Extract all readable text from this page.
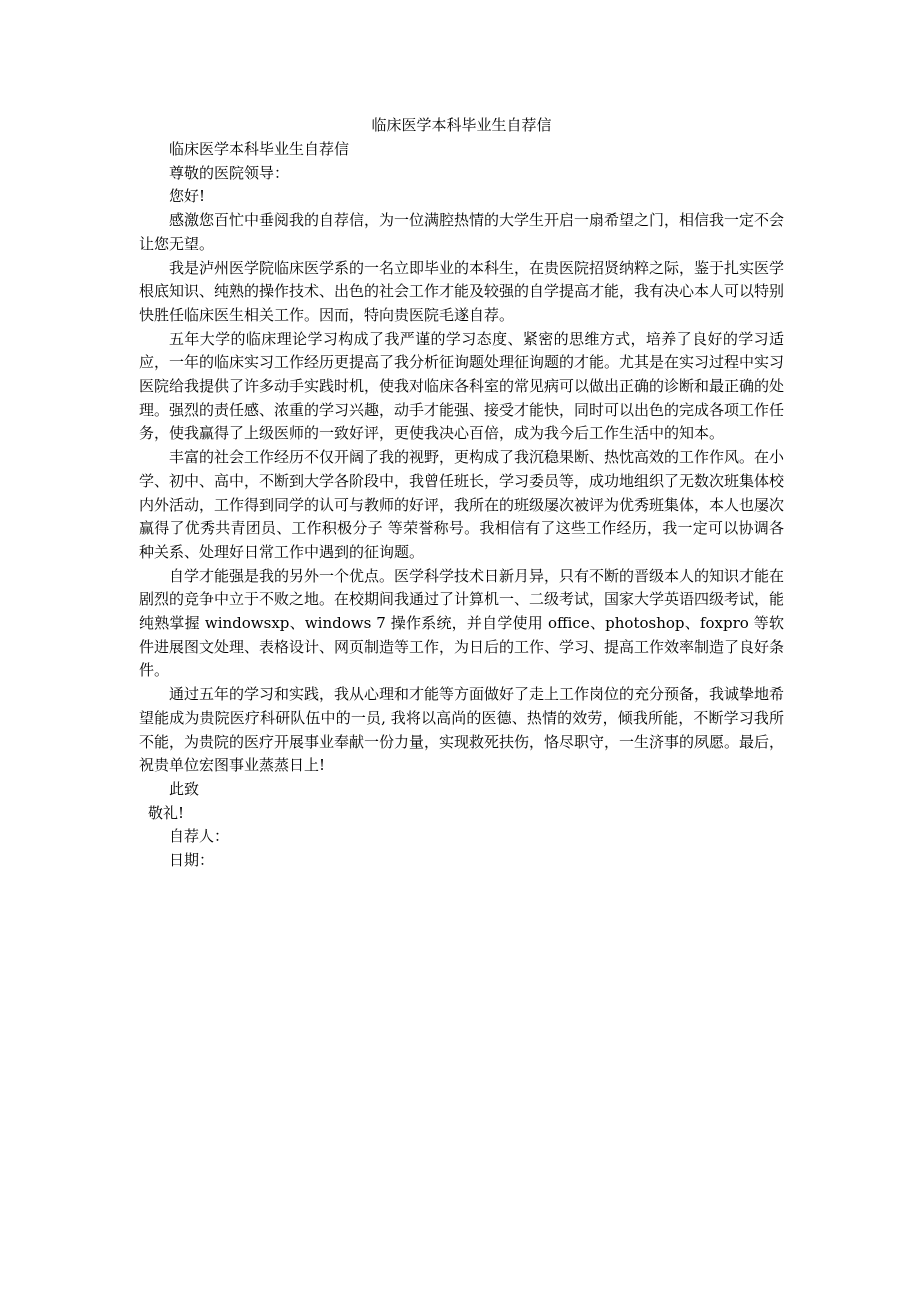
临床医学本科毕业生自荐信

临床医学本科毕业生自荐信

尊敬的医院领导：

您好!

感激您百忙中垂阅我的自荐信，为一位满腔热情的大学生开启一扇希望之门，相信我一定不会让您无望。

我是泸州医学院临床医学系的一名立即毕业的本科生，在贵医院招贤纳粹之际，鉴于扎实医学根底知识、纯熟的操作技术、出色的社会工作才能及较强的自学提高才能，我有决心本人可以特别快胜任临床医生相关工作。因而，特向贵医院毛遂自荐。

五年大学的临床理论学习构成了我严谨的学习态度、紧密的思维方式，培养了良好的学习适应，一年的临床实习工作经历更提高了我分析征询题处理征询题的才能。尤其是在实习过程中实习医院给我提供了许多动手实践时机，使我对临床各科室的常见病可以做出正确的诊断和最正确的处理。强烈的责任感、浓重的学习兴趣，动手才能强、接受才能快，同时可以出色的完成各项工作任务，使我赢得了上级医师的一致好评，更使我决心百倍，成为我今后工作生活中的知本。

丰富的社会工作经历不仅开阔了我的视野，更构成了我沉稳果断、热忱高效的工作作风。在小学、初中、高中，不断到大学各阶段中，我曾任班长，学习委员等，成功地组织了无数次班集体校内外活动，工作得到同学的认可与教师的好评，我所在的班级屡次被评为优秀班集体，本人也屡次赢得了优秀共青团员、工作积极分子 等荣誉称号。我相信有了这些工作经历，我一定可以协调各种关系、处理好日常工作中遇到的征询题。

自学才能强是我的另外一个优点。医学科学技术日新月异，只有不断的晋级本人的知识才能在剧烈的竞争中立于不败之地。在校期间我通过了计算机一、二级考试，国家大学英语四级考试，能纯熟掌握 windowsxp、windows 7 操作系统，并自学使用 office、photoshop、foxpro 等软件进展图文处理、表格设计、网页制造等工作，为日后的工作、学习、提高工作效率制造了良好条件。

通过五年的学习和实践，我从心理和才能等方面做好了走上工作岗位的充分预备，我诚挚地希望能成为贵院医疗科研队伍中的一员, 我将以高尚的医德、热情的效劳，倾我所能，不断学习我所不能，为贵院的医疗开展事业奉献一份力量，实现救死扶伤，恪尽职守，一生济事的夙愿。最后，祝贵单位宏图事业蒸蒸日上!

此致

敬礼!

自荐人：

日期：
